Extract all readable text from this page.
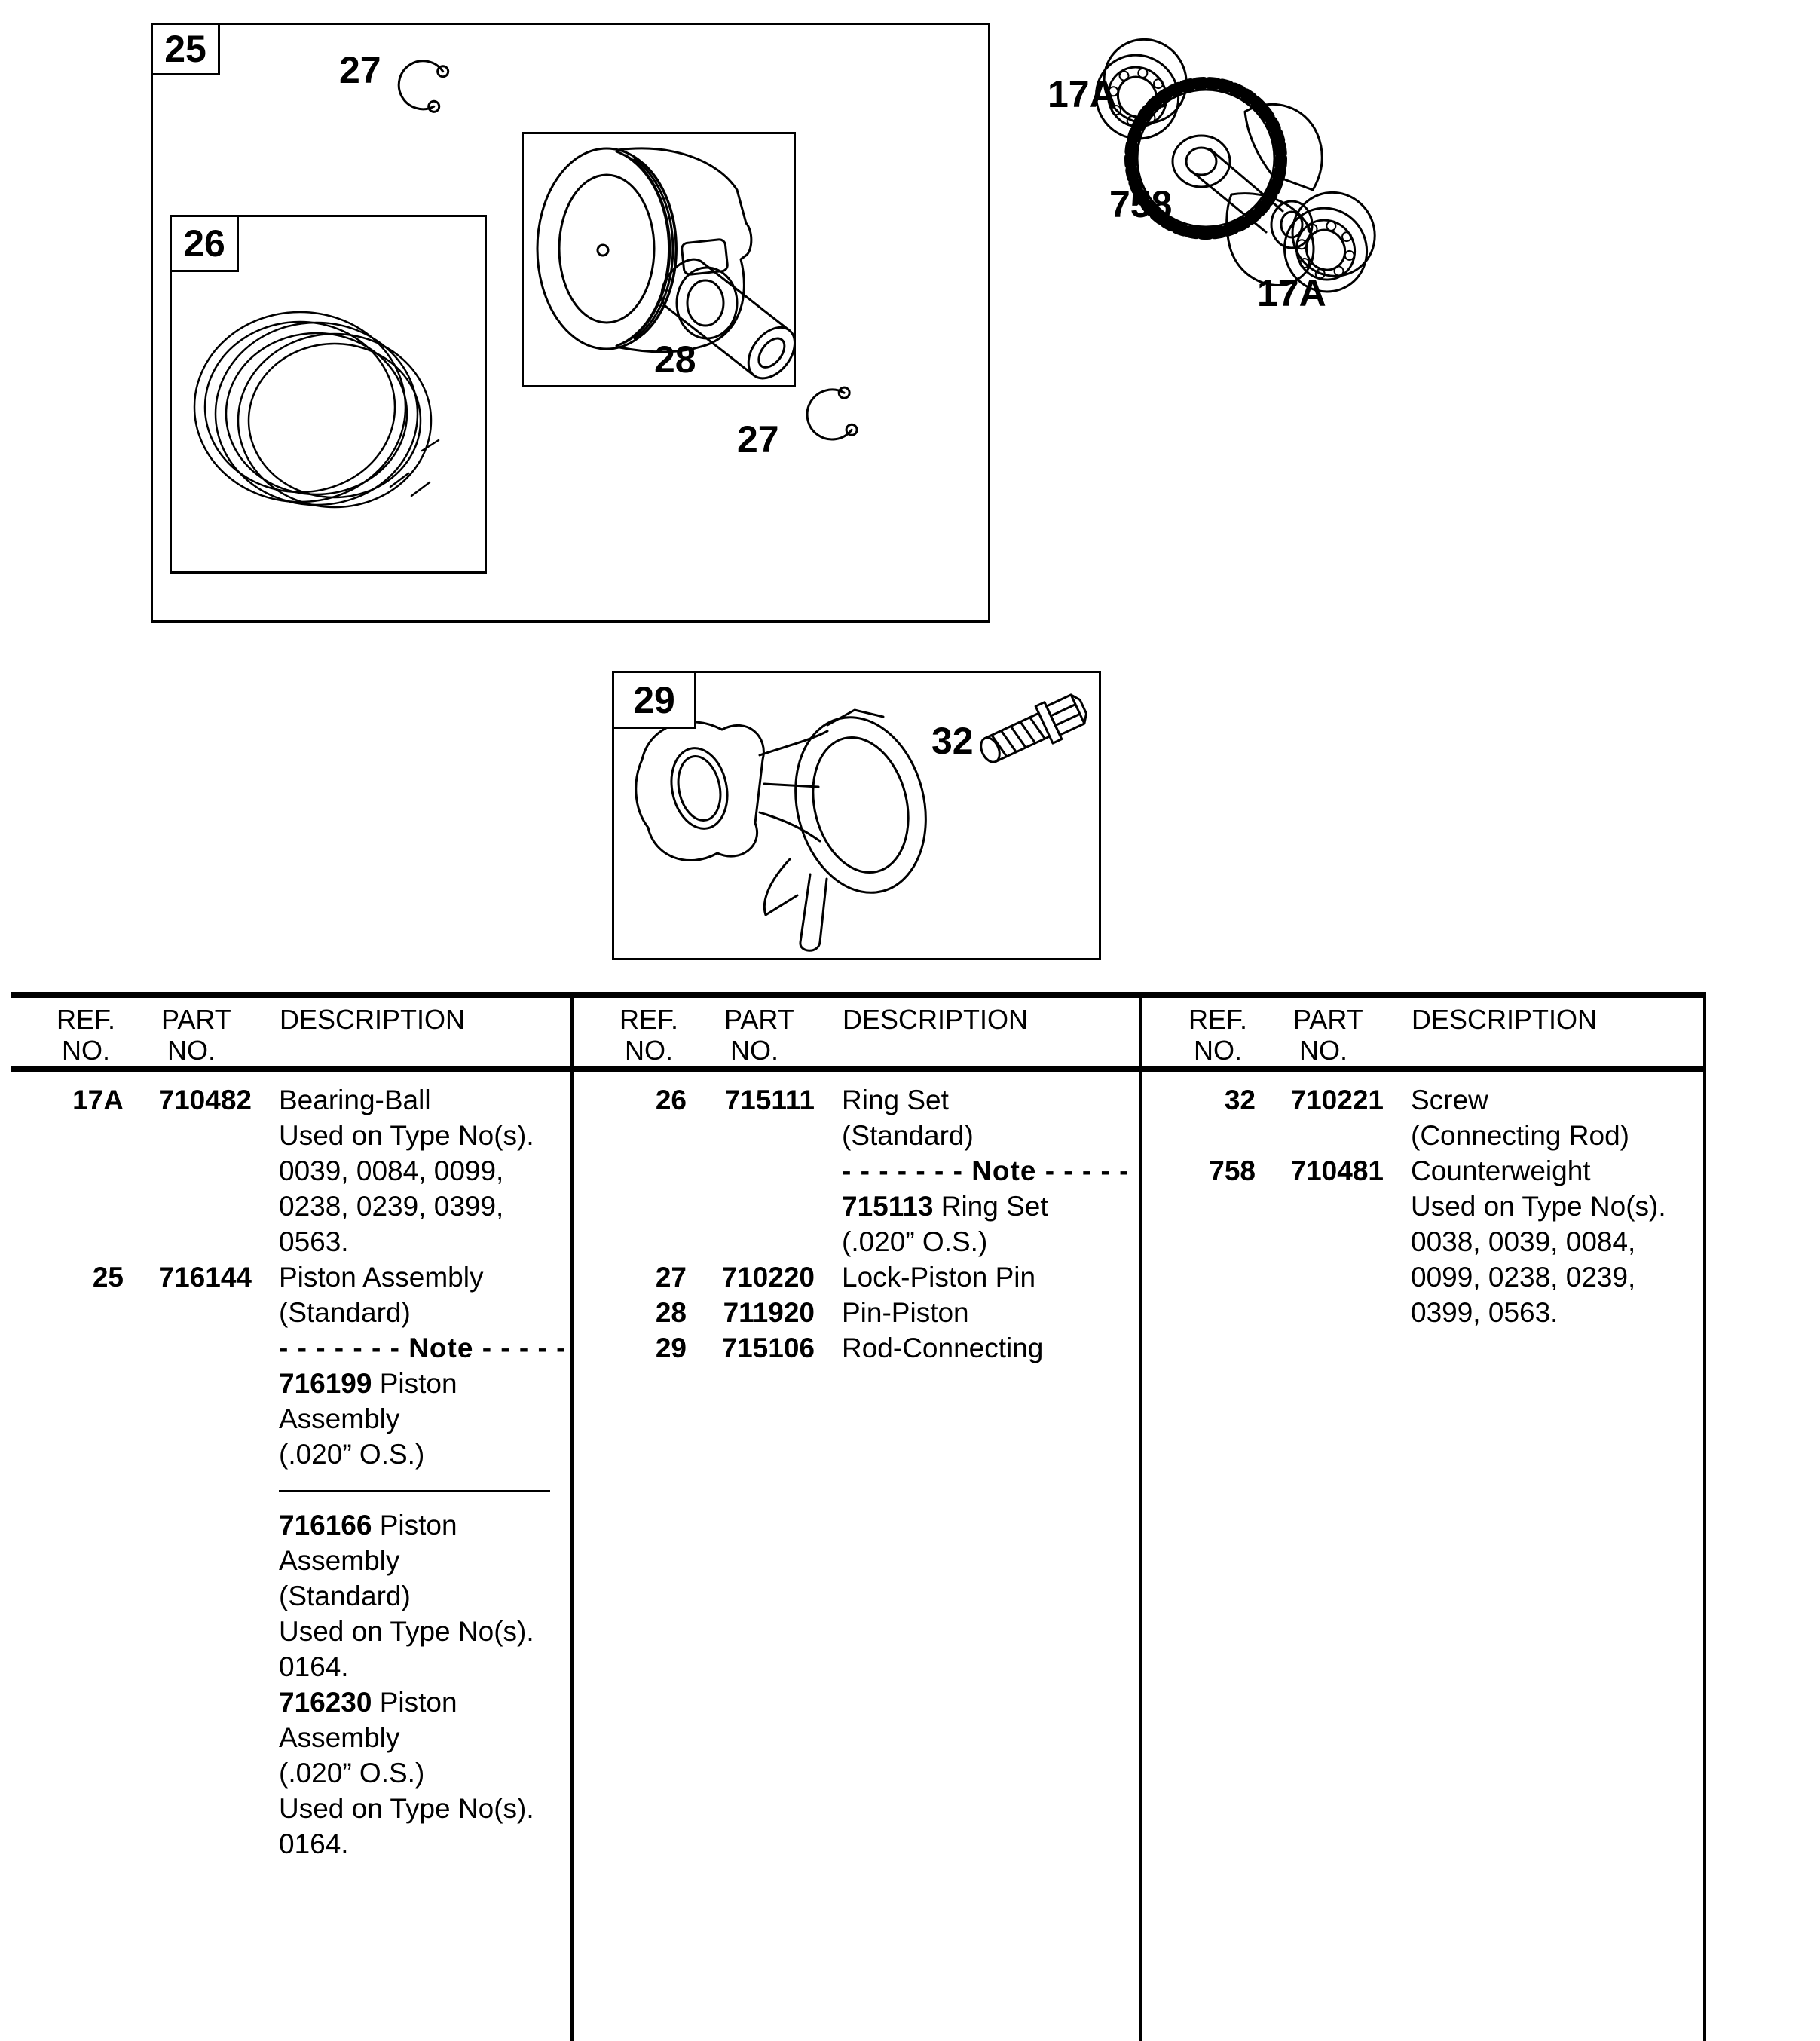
25
26
29
27
28
27
17A
758
17A
32
REF.
NO.
PART
NO.
DESCRIPTION
17A	710482 Bearing-Ball

Used on Type No(s).

0039, 0084, 0099,

0238, 0239, 0399,

0563.

25	716144 Piston Assembly

(Standard)

- - - - - - - Note - - - - -

716199 Piston

Assembly

(.020” O.S.)

716166 Piston

Assembly

(Standard)

Used on Type No(s).

0164.

716230 Piston

Assembly

(.020” O.S.)

Used on Type No(s).

0164.

REF.
NO.
PART
NO.
DESCRIPTION
26	715111 Ring Set

(Standard)

- - - - - - - Note - - - - -

715113 Ring Set

(.020” O.S.)

27	710220 Lock-Piston Pin

28	711920 Pin-Piston

29	715106 Rod-Connecting

REF.
NO.
PART
NO.
DESCRIPTION
32	710221 Screw

(Connecting Rod)

758	710481 Counterweight

Used on Type No(s).

0038, 0039, 0084,

0099, 0238, 0239,

0399, 0563.
